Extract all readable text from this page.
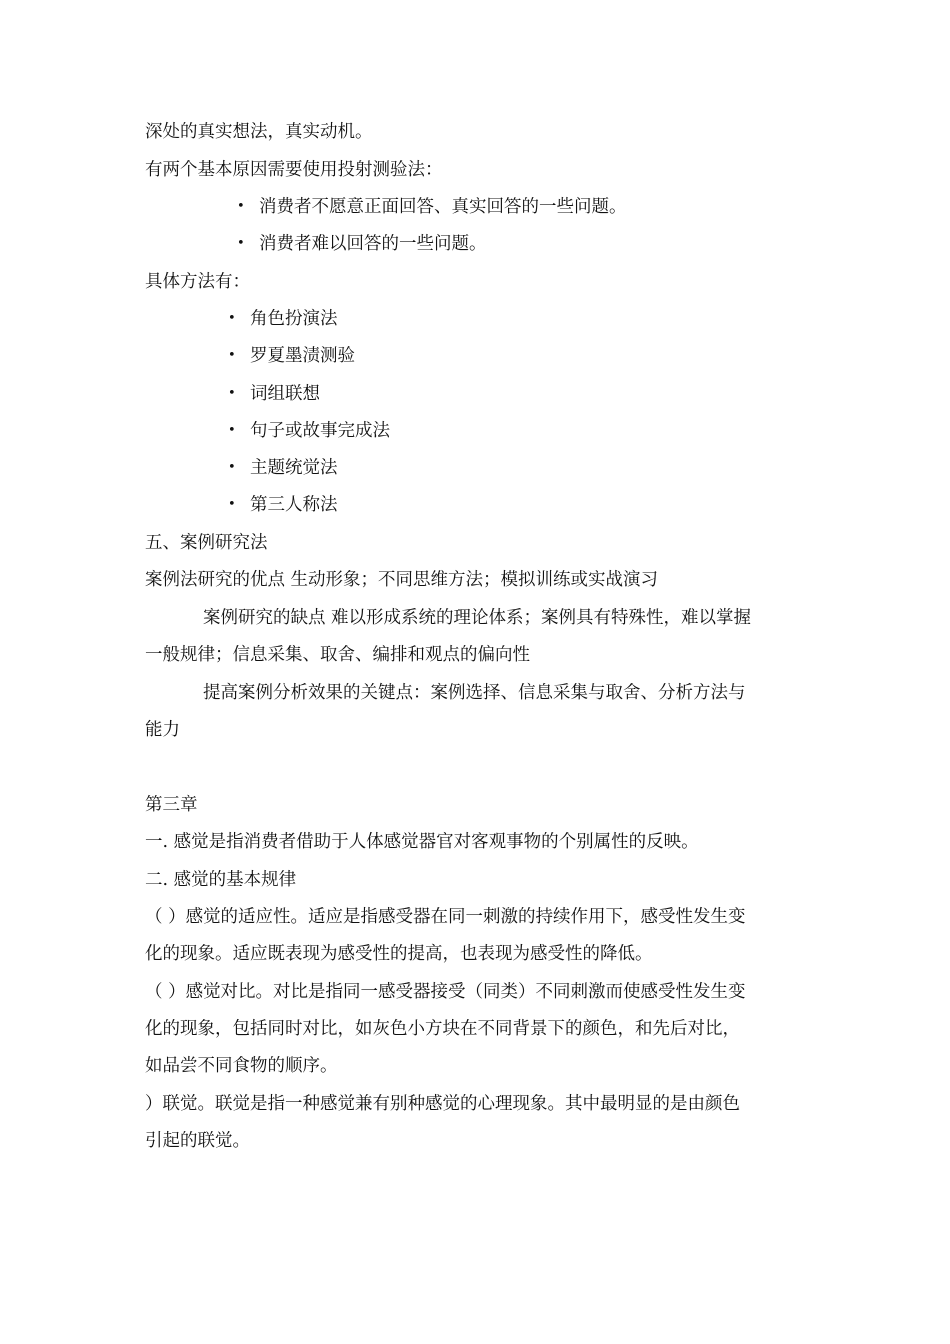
深处的真实想法，真实动机。
有两个基本原因需要使用投射测验法：
• 消费者不愿意正面回答、真实回答的一些问题。
• 消费者难以回答的一些问题。
具体方法有：
• 角色扮演法
• 罗夏墨渍测验
• 词组联想
• 句子或故事完成法
• 主题统觉法
• 第三人称法
五、案例研究法
案例法研究的优点 生动形象；不同思维方法；模拟训练或实战演习
案例研究的缺点 难以形成系统的理论体系；案例具有特殊性，难以掌握
一般规律；信息采集、取舍、编排和观点的偏向性
提高案例分析效果的关键点：案例选择、信息采集与取舍、分析方法与
能力
第三章
一. 感觉是指消费者借助于人体感觉器官对客观事物的个别属性的反映。
二. 感觉的基本规律
（ ）感觉的适应性。适应是指感受器在同一刺激的持续作用下，感受性发生变
化的现象。适应既表现为感受性的提高，也表现为感受性的降低。
（ ）感觉对比。对比是指同一感受器接受（同类）不同刺激而使感受性发生变
化的现象，包括同时对比，如灰色小方块在不同背景下的颜色，和先后对比，
如品尝不同食物的顺序。
）联觉。联觉是指一种感觉兼有别种感觉的心理现象。其中最明显的是由颜色
引起的联觉。
